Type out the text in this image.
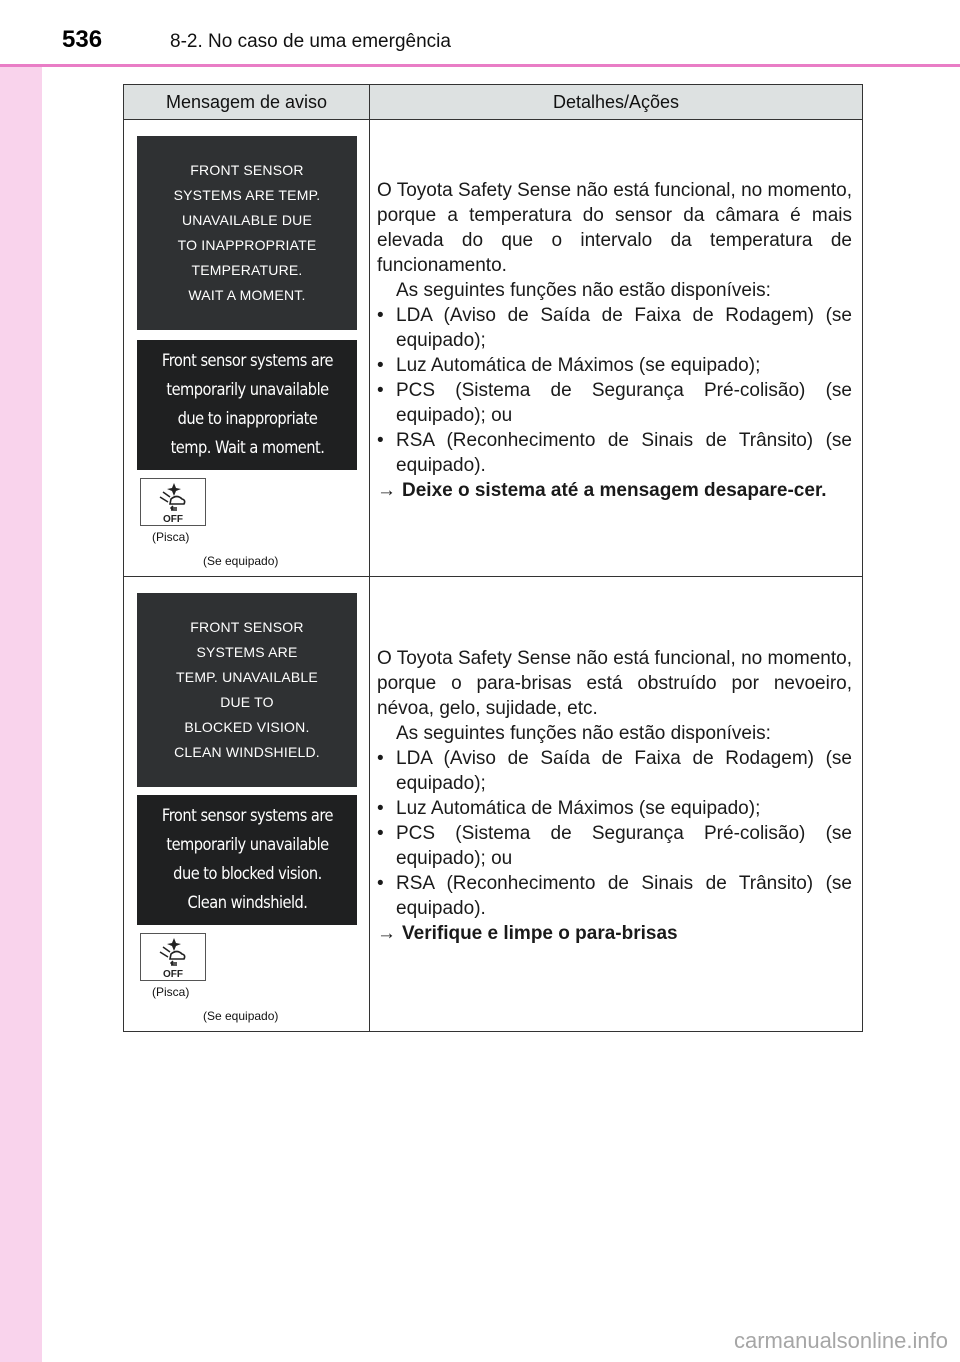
536	8-2. No caso de uma emergência
Mensagem de aviso	Detalhes/Ações
FRONT SENSOR
SYSTEMS ARE TEMP.
UNAVAILABLE DUE
TO INAPPROPRIATE
TEMPERATURE.
WAIT A MOMENT.
Front sensor systems are
temporarily unavailable
due to inappropriate
temp. Wait a moment.
OFF
(Pisca)
(Se equipado)

O Toyota Safety Sense não está funcional, no momento, porque a temperatura do sensor da câmara é mais elevada do que o intervalo da temperatura de funcionamento.

As seguintes funções não estão disponíveis:

• LDA (Aviso de Saída de Faixa de Rodagem) (se equipado);
• Luz Automática de Máximos (se equipado);
• PCS (Sistema de Segurança Pré-colisão) (se equipado); ou
• RSA (Reconhecimento de Sinais de Trânsito) (se equipado).
→ Deixe o sistema até a mensagem desapare-cer.
FRONT SENSOR
SYSTEMS ARE
TEMP. UNAVAILABLE
DUE TO
BLOCKED VISION.
CLEAN WINDSHIELD.
Front sensor systems are
temporarily unavailable
due to blocked vision.
Clean windshield.
OFF
(Pisca)
(Se equipado)

O Toyota Safety Sense não está funcional, no momento, porque o para-brisas está obstruído por nevoeiro, névoa, gelo, sujidade, etc.

As seguintes funções não estão disponíveis:

• LDA (Aviso de Saída de Faixa de Rodagem) (se equipado);
• Luz Automática de Máximos (se equipado);
• PCS (Sistema de Segurança Pré-colisão) (se equipado); ou
• RSA (Reconhecimento de Sinais de Trânsito) (se equipado).
→ Verifique e limpe o para-brisas
carmanualsonline.info
